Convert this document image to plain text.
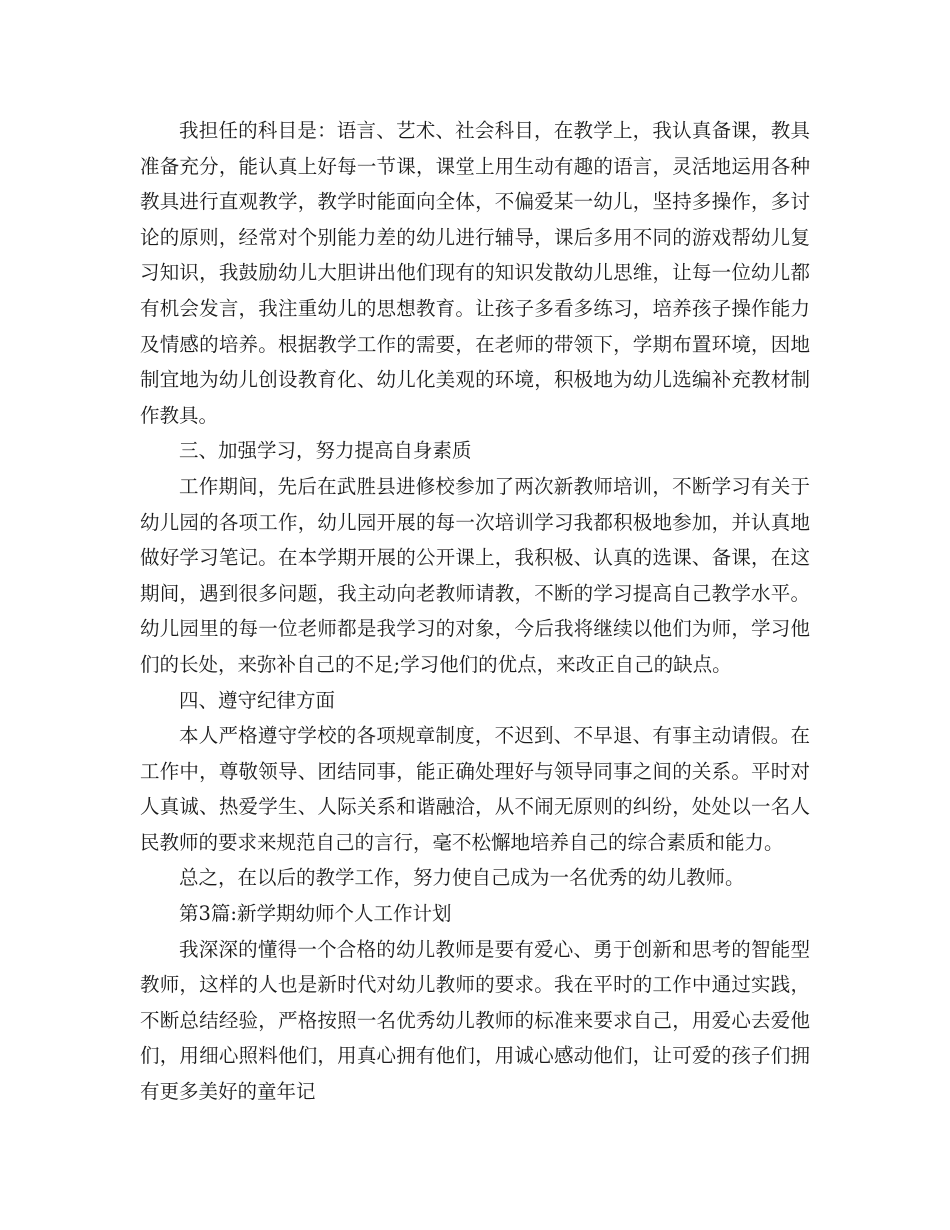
我担任的科目是：语言、艺术、社会科目，在教学上，我认真备课，教具准备充分，能认真上好每一节课，课堂上用生动有趣的语言，灵活地运用各种教具进行直观教学，教学时能面向全体，不偏爱某一幼儿，坚持多操作，多讨论的原则，经常对个别能力差的幼儿进行辅导，课后多用不同的游戏帮幼儿复习知识，我鼓励幼儿大胆讲出他们现有的知识发散幼儿思维，让每一位幼儿都有机会发言，我注重幼儿的思想教育。让孩子多看多练习，培养孩子操作能力及情感的培养。根据教学工作的需要，在老师的带领下，学期布置环境，因地制宜地为幼儿创设教育化、幼儿化美观的环境，积极地为幼儿选编补充教材制作教具。

三、加强学习，努力提高自身素质

工作期间，先后在武胜县进修校参加了两次新教师培训，不断学习有关于幼儿园的各项工作，幼儿园开展的每一次培训学习我都积极地参加，并认真地做好学习笔记。在本学期开展的公开课上，我积极、认真的选课、备课，在这期间，遇到很多问题，我主动向老教师请教，不断的学习提高自己教学水平。幼儿园里的每一位老师都是我学习的对象，今后我将继续以他们为师，学习他们的长处，来弥补自己的不足;学习他们的优点，来改正自己的缺点。

四、遵守纪律方面

本人严格遵守学校的各项规章制度，不迟到、不早退、有事主动请假。在工作中，尊敬领导、团结同事，能正确处理好与领导同事之间的关系。平时对人真诚、热爱学生、人际关系和谐融洽，从不闹无原则的纠纷，处处以一名人民教师的要求来规范自己的言行，毫不松懈地培养自己的综合素质和能力。

总之，在以后的教学工作，努力使自己成为一名优秀的幼儿教师。

第3篇:新学期幼师个人工作计划

我深深的懂得一个合格的幼儿教师是要有爱心、勇于创新和思考的智能型教师，这样的人也是新时代对幼儿教师的要求。我在平时的工作中通过实践，不断总结经验，严格按照一名优秀幼儿教师的标准来要求自己，用爱心去爱他们，用细心照料他们，用真心拥有他们，用诚心感动他们，让可爱的孩子们拥有更多美好的童年记
